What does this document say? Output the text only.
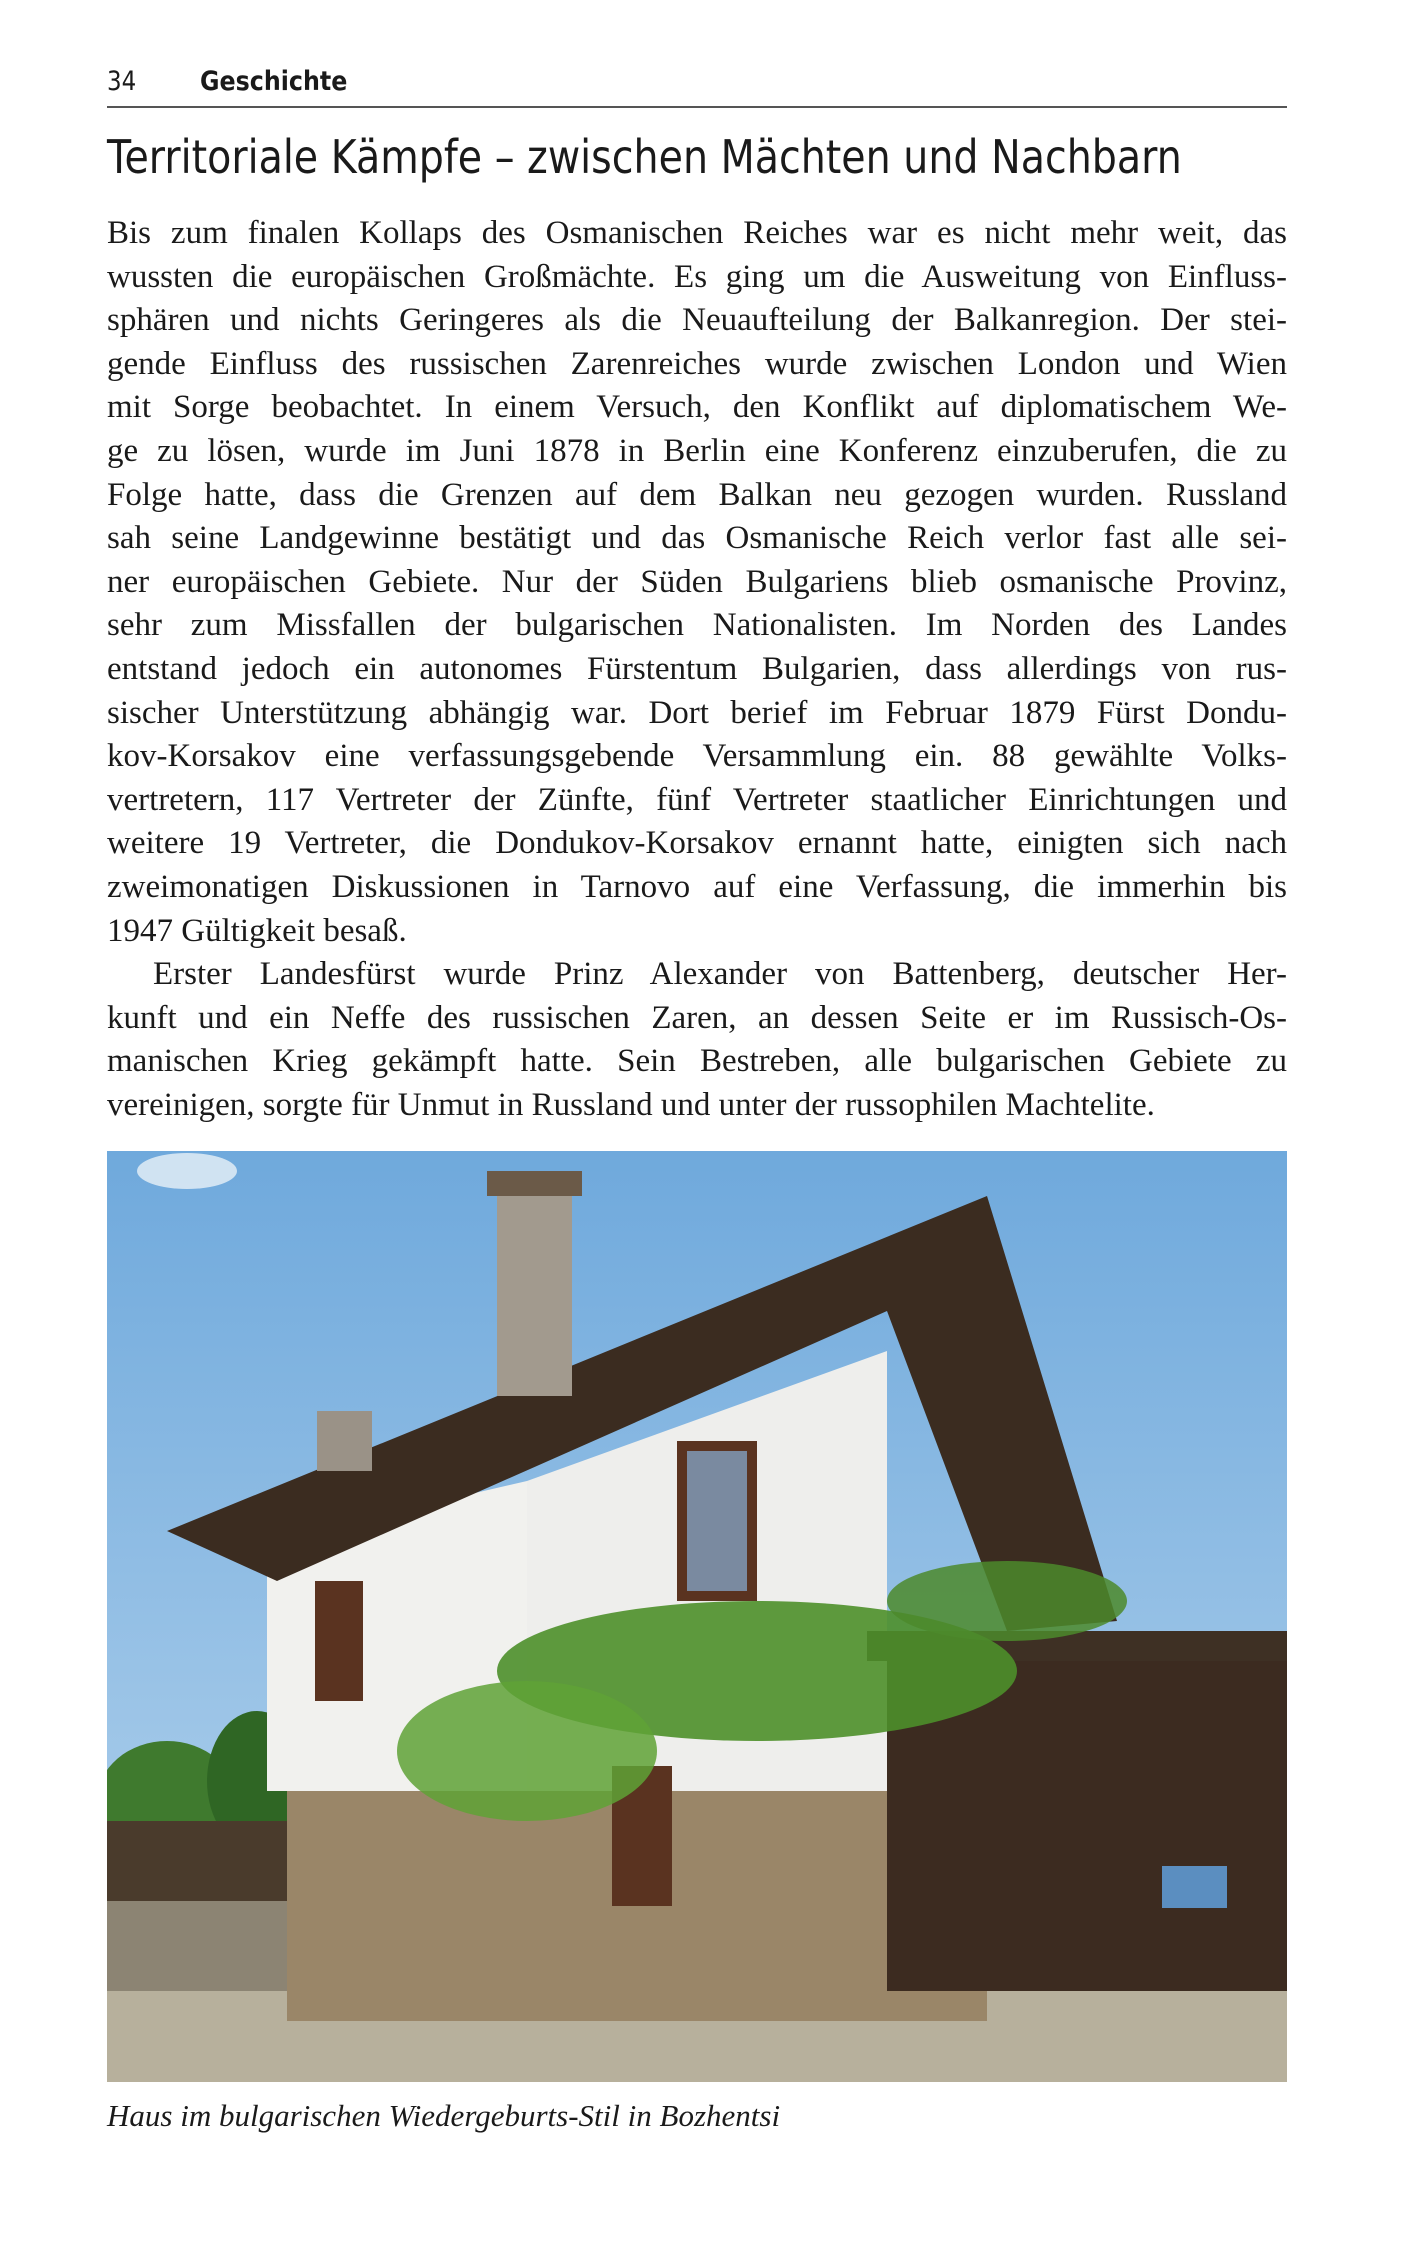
34 Geschichte
Territoriale Kämpfe – zwischen Mächten und Nachbarn
Bis zum finalen Kollaps des Osmanischen Reiches war es nicht mehr weit, das
wussten die europäischen Großmächte. Es ging um die Ausweitung von Einfluss-
sphären und nichts Geringeres als die Neuaufteilung der Balkanregion. Der stei-
gende Einfluss des russischen Zarenreiches wurde zwischen London und Wien
mit Sorge beobachtet. In einem Versuch, den Konflikt auf diplomatischem We-
ge zu lösen, wurde im Juni 1878 in Berlin eine Konferenz einzuberufen, die zu
Folge hatte, dass die Grenzen auf dem Balkan neu gezogen wurden. Russland
sah seine Landgewinne bestätigt und das Osmanische Reich verlor fast alle sei-
ner europäischen Gebiete. Nur der Süden Bulgariens blieb osmanische Provinz,
sehr zum Missfallen der bulgarischen Nationalisten. Im Norden des Landes
entstand jedoch ein autonomes Fürstentum Bulgarien, dass allerdings von rus-
sischer Unterstützung abhängig war. Dort berief im Februar 1879 Fürst Dondu-
kov-Korsakov eine verfassungsgebende Versammlung ein. 88 gewählte Volks-
vertretern, 117 Vertreter der Zünfte, fünf Vertreter staatlicher Einrichtungen und
weitere 19 Vertreter, die Dondukov-Korsakov ernannt hatte, einigten sich nach
zweimonatigen Diskussionen in Tarnovo auf eine Verfassung, die immerhin bis
1947 Gültigkeit besaß.
Erster Landesfürst wurde Prinz Alexander von Battenberg, deutscher Her-
kunft und ein Neffe des russischen Zaren, an dessen Seite er im Russisch-Os-
manischen Krieg gekämpft hatte. Sein Bestreben, alle bulgarischen Gebiete zu
vereinigen, sorgte für Unmut in Russland und unter der russophilen Machtelite.
Haus im bulgarischen Wiedergeburts-Stil in Bozhentsi
